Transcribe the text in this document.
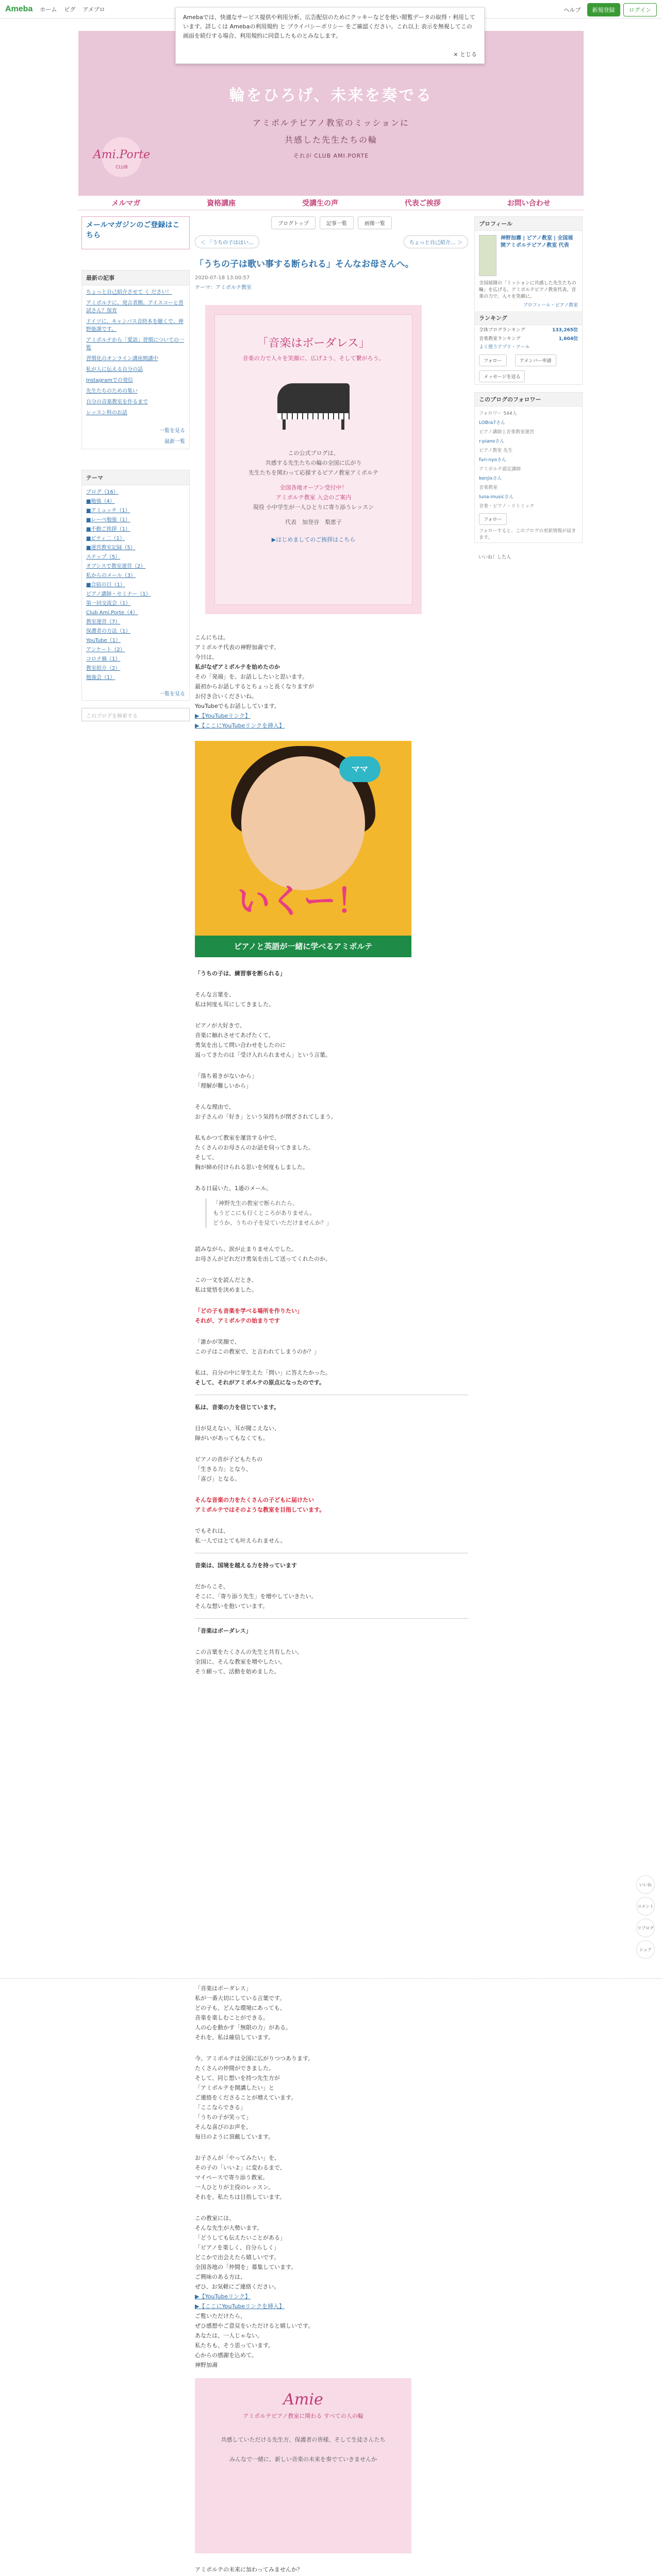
Ameba ホーム ピグ アメブロ	ヘルプ	新規登録	ログイン
輪をひろげ、未来を奏でる
アミポルテピアノ教室のミッションに
共感した先生たちの輪
それが CLUB AMI.PORTE
CLUB
Ami.Porte
Amebaでは、快適なサービス提供や利用分析、広告配信のためにクッキーなどを使い閲覧データの取得・利用しています。詳しくは Amebaの利用規約 と プライバシーポリシー をご確認ください。これ以上 表示を無視してこの画面を続行する場合、利用規約に同意したものとみなします。
× とじる
メルマガ	資格講座	受講生の声	代表ご挨拶	お問い合わせ
メールマガジンのご登録はこちら
最新の記事
ちょっと自己紹介させて く ださい！
アミポルテに、発言者側、アイスコーヒ普試さん？保育
ドイツに、キャンバス音終本を聴くで、神野能課です。
アミポルテから「愛語」習慣についての一覧
習慣化のオンライン講座開講中
私が人に伝える自分の話
Instagramでの発信
先生たちのための集い
自分の音楽教室を作るまで
レッスン料のお話
一覧を見る
最新一覧
テーマ
ブログ（16）
■勉強（4）
■アミュッチ（1）
■レーベ勉強（1）
■不動ご挨拶（1）
■ピティ二（1）
■運営教室記録（5）
ステップ（5）
オブシスで教室運営（2）
私からのメール（3）
■合宿の日（1）
ピアノ講師・セミナー（1）
第一回交流会（1）
Club Ami.Porte（4）
教室運営（7）
保護者の方法（1）
YouTube（1）
アンケート（2）
コロナ禍（1）
教室紹介（2）
勉強会（1）
一覧を見る
このブログを検索する
ブログトップ	記事一覧	画像一覧
＜ 「うちの子ははい…	ちょっと自己紹介… ＞
「うちの子は歌い事する断られる」そんなお母さんへ。
2020-07-18 13:00:57
テーマ：アミポルテ教室
「音楽はボーダレス」
音楽の力で人々を笑顔に、広げよう、そして繋がろう。
この公式ブログは、
共感する先生たちの輪の全国に広がり
先生たちを関わって応援するピアノ教室アミポルテ
全国各地オープン受付中！
アミポルテ教室 入会のご案内
現役 小中学生が一人ひとりに寄り添うレッスン
代表　加登谷　梨恵子
▶はじめましてのご挨拶はこちら
こんにちは。
アミポルテ代表の神野加壽です。
今日は、
私がなぜアミポルテを始めたのか
その「発端」を、お話ししたいと思います。
最初からお話しするとちょっと長くなりますが
お付き合いくださいね。
YouTubeでもお話ししています。
▶【YouTubeリンク】
▶【ここにYouTubeリンクを挿入】
ママ
いくー！
ピアノと英語が一緒に学べるアミポルテ
「うちの子は、練習事を断られる」
そんな言葉を、
私は何度も耳にしてきました。
ピアノが大好きで、
音楽に触れさせてあげたくて。
勇気を出して問い合わせをしたのに
返ってきたのは「受け入れられません」という言葉。
「落ち着きがないから」
「理解が難しいから」
そんな理由で、
お子さんの「好き」という気持ちが閉ざされてしまう。
私もかつて教室を運営する中で、
たくさんのお母さんのお話を伺ってきました。
そして、
胸が締め付けられる思いを何度もしました。
ある日届いた、1通のメール。
「神野先生の教室で断られたら、
もうどこにも行くところがありません。
どうか、うちの子を見ていただけませんか？」
読みながら、涙が止まりませんでした。
お母さんがどれだけ勇気を出して送ってくれたのか。
この一文を読んだとき、
私は覚悟を決めました。
「どの子も音楽を学べる場所を作りたい」
それが、アミポルテの始まりです
「誰かが笑顔で、
この子はこの教室で、と言われてしまうのか？」
私は、自分の中に芽生えた「問い」に答えたかった。
そして、それがアミポルテの原点になったのです。
私は、音楽の力を信じています。
目が見えない、耳が聞こえない、
障がいがあってもなくても。
ピアノの音が子どもたちの
「生きる力」となり、
「喜び」となる。
そんな音楽の力をたくさんの子どもに届けたい
アミポルテではそのような教室を目指しています。
でもそれは、
私一人ではとても叶えられません。
音楽は、国境を越える力を持っています
だからこそ、
そこに、「寄り添う先生」を増やしていきたい。
そんな想いを抱いています。
「音楽はボーダレス」
この言葉をたくさんの先生と共有したい。
全国に、そんな教室を増やしたい。
そう願って、活動を始めました。
プロフィール
神野加壽 | ピアノ教室 | 全国展開アミポルテピアノ教室 代表
全国展開の「ミッションに共感した先生たちの輪」を広げる、アミポルテピアノ教室代表。音楽の力で、人々を笑顔に。
プロフィール・ピアノ教室
ランキング
全体ブログランキング	133,265位
音楽教室ランキング	1,604位
よく使うアプリ・ツール
フォロー	アメンバー申請
メッセージを送る
このブログのフォロワー
フォロワー 544人
LOBra7さん
ピアノ講師 | 音楽教室運営
r-pianoさん
ピアノ教室 先生
furi-nyoさん
アミポルテ認定講師
kenjixさん
音楽教室
luna-musicさん
音楽・ピアノ・リトミック
フォロー
フォローすると、このブログの更新情報が届きます。
いいね！した人
いいね
コメント
リブログ
シェア
「音楽はボーダレス」
私が一番大切にしている言葉です。
どの子も、どんな環境にあっても、
音楽を楽しむことができる。
人の心を動かす「無限の力」がある。
それを、私は確信しています。
今、アミポルテは全国に広がりつつあります。
たくさんの仲間ができました。
そして、同じ想いを持つ先生方が
「アミポルテを開講したい」と
ご連絡をくださることが増えています。
「ここならできる」
「うちの子が笑って」
そんな喜びのお声を、
毎日のように頂戴しています。
お子さんが「やってみたい」を、
その子の「いいよ」に変わるまで、
マイペースで寄り添う教室。
一人ひとりが主役のレッスン。
それを、私たちは目指しています。
この教室には、
そんな先生が大勢います。
「どうしても伝えたいことがある」
「ピアノを楽しく、自分らしく」
どこかで出会えたら嬉しいです。
全国各地の「仲間を」募集しています。
ご興味のある方は、
ぜひ、お気軽にご連絡ください。
▶【YouTubeリンク】
▶【ここにYouTubeリンクを挿入】
ご覧いただけたら、
ぜひ感想やご意見をいただけると嬉しいです。
あなたは、一人じゃない。
私たちも、そう思っています。
心からの感謝を込めて。
神野加壽
Amie
アミポルテピアノ教室に関わる すべての人の輪
共感していただける先生方、保護者の皆様、そして生徒さんたち
みんなで一緒に、新しい音楽の未来を奏でていきませんか
アミポルテの未来に加わってみませんか？
